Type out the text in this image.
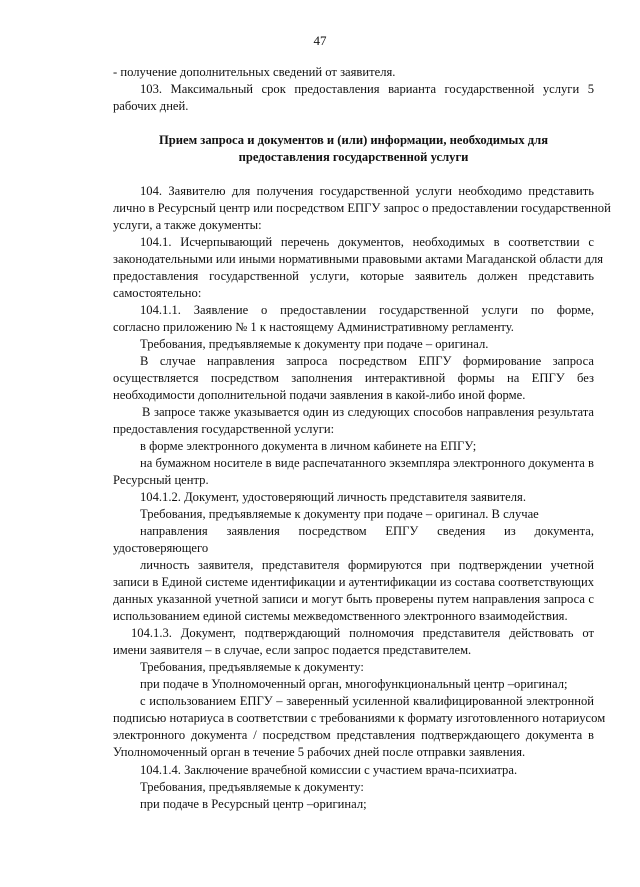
47
- получение дополнительных сведений от заявителя.
103. Максимальный срок предоставления варианта государственной услуги 5
рабочих дней.
Прием запроса и документов и (или) информации, необходимых для
предоставления государственной услуги
104. Заявителю для получения государственной услуги необходимо представить
лично в Ресурсный центр или посредством ЕПГУ запрос о предоставлении государственной
услуги, а также документы:
104.1. Исчерпывающий перечень документов, необходимых в соответствии с
законодательными или иными нормативными правовыми актами Магаданской области для
предоставления государственной услуги, которые заявитель должен представить
самостоятельно:
104.1.1. Заявление о предоставлении государственной услуги по форме,
согласно приложению № 1 к настоящему Административному регламенту.
Требования, предъявляемые к документу при подаче – оригинал.
В случае направления запроса посредством ЕПГУ формирование запроса
осуществляется посредством заполнения интерактивной формы на ЕПГУ без
необходимости дополнительной подачи заявления в какой-либо иной форме.
В запросе также указывается один из следующих способов направления результата
предоставления государственной услуги:
в форме электронного документа в личном кабинете на ЕПГУ;
на бумажном носителе в виде распечатанного экземпляра электронного документа в
Ресурсный центр.
104.1.2. Документ, удостоверяющий личность представителя заявителя.
Требования, предъявляемые к документу при подаче – оригинал. В случае
направления заявления посредством ЕПГУ сведения из документа,
удостоверяющего
личность заявителя, представителя формируются при подтверждении учетной
записи в Единой системе идентификации и аутентификации из состава соответствующих
данных указанной учетной записи и могут быть проверены путем направления запроса с
использованием единой системы межведомственного электронного взаимодействия.
104.1.3. Документ, подтверждающий полномочия представителя действовать от
имени заявителя – в случае, если запрос подается представителем.
Требования, предъявляемые к документу:
при подаче в Уполномоченный орган, многофункциональный центр –оригинал;
с использованием ЕПГУ – заверенный усиленной квалифицированной электронной
подписью нотариуса в соответствии с требованиями к формату изготовленного нотариусом
электронного документа / посредством представления подтверждающего документа в
Уполномоченный орган в течение 5 рабочих дней после отправки заявления.
104.1.4. Заключение врачебной комиссии с участием врача-психиатра.
Требования, предъявляемые к документу:
при подаче в Ресурсный центр –оригинал;
